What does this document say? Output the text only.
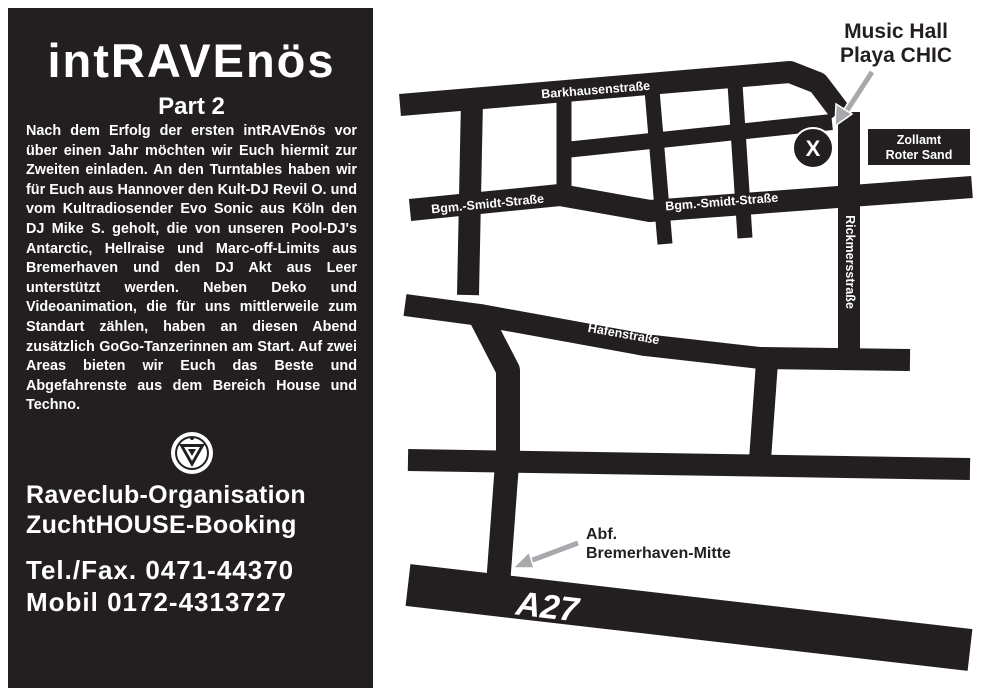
intRAVEnös
Part 2

Nach dem Erfolg der ersten intRAVEnös vor über einen Jahr möchten wir Euch hiermit zur Zweiten einladen. An den Turntables haben wir für Euch aus Hannover den Kult-DJ Revil O. und vom Kultradiosender Evo Sonic aus Köln den DJ Mike S. geholt, die von unseren Pool-DJ's Antarctic, Hellraise und Marc-off-Limits aus Bremerhaven und den DJ Akt aus Leer unterstützt werden. Neben Deko und Videoanimation, die für uns mittlerweile zum Standart zählen, haben an diesen Abend zusätzlich GoGo-Tanzerinnen am Start. Auf zwei Areas bieten wir Euch das Beste und Abgefahrenste aus dem Bereich House und Techno.

Raveclub-Organisation
ZuchtHOUSE-Booking
Tel./Fax. 0471-44370
Mobil 0172-4313727
X	Zollamt
Roter Sand
Music Hall
Playa CHIC
Abf.
Bremerhaven-Mitte
Barkhausenstraße
Bgm.-Smidt-Straße	Bgm.-Smidt-Straße
Rickmersstraße
Hafenstraße
A27
